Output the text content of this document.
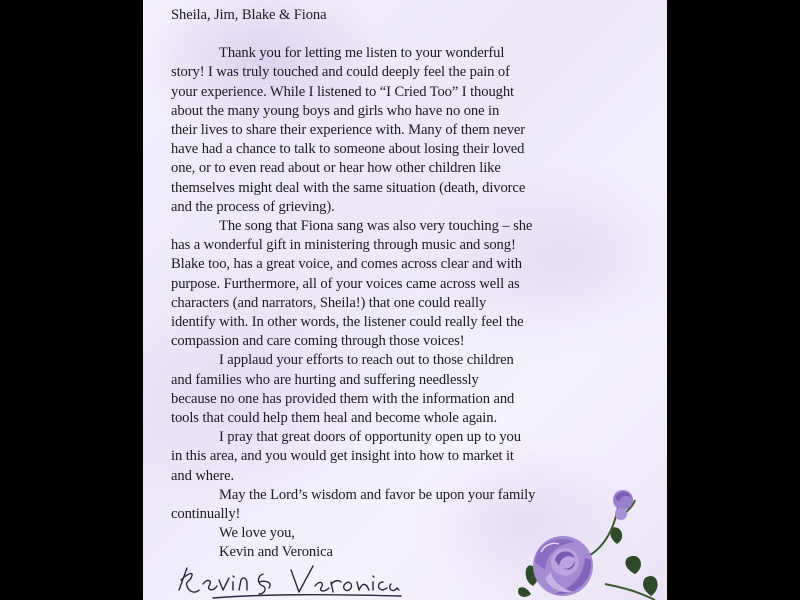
Sheila, Jim, Blake & Fiona
Thank you for letting me listen to your wonderful
story! I was truly touched and could deeply feel the pain of
your experience. While I listened to “I Cried Too” I thought
about the many young boys and girls who have no one in
their lives to share their experience with. Many of them never
have had a chance to talk to someone about losing their loved
one, or to even read about or hear how other children like
themselves might deal with the same situation (death, divorce
and the process of grieving).
The song that Fiona sang was also very touching – she
has a wonderful gift in ministering through music and song!
Blake too, has a great voice, and comes across clear and with
purpose. Furthermore, all of your voices came across well as
characters (and narrators, Sheila!) that one could really
identify with. In other words, the listener could really feel the
compassion and care coming through those voices!
I applaud your efforts to reach out to those children
and families who are hurting and suffering needlessly
because no one has provided them with the information and
tools that could help them heal and become whole again.
I pray that great doors of opportunity open up to you
in this area, and you would get insight into how to market it
and where.
May the Lord’s wisdom and favor be upon your family
continually!
We love you,
Kevin and Veronica
